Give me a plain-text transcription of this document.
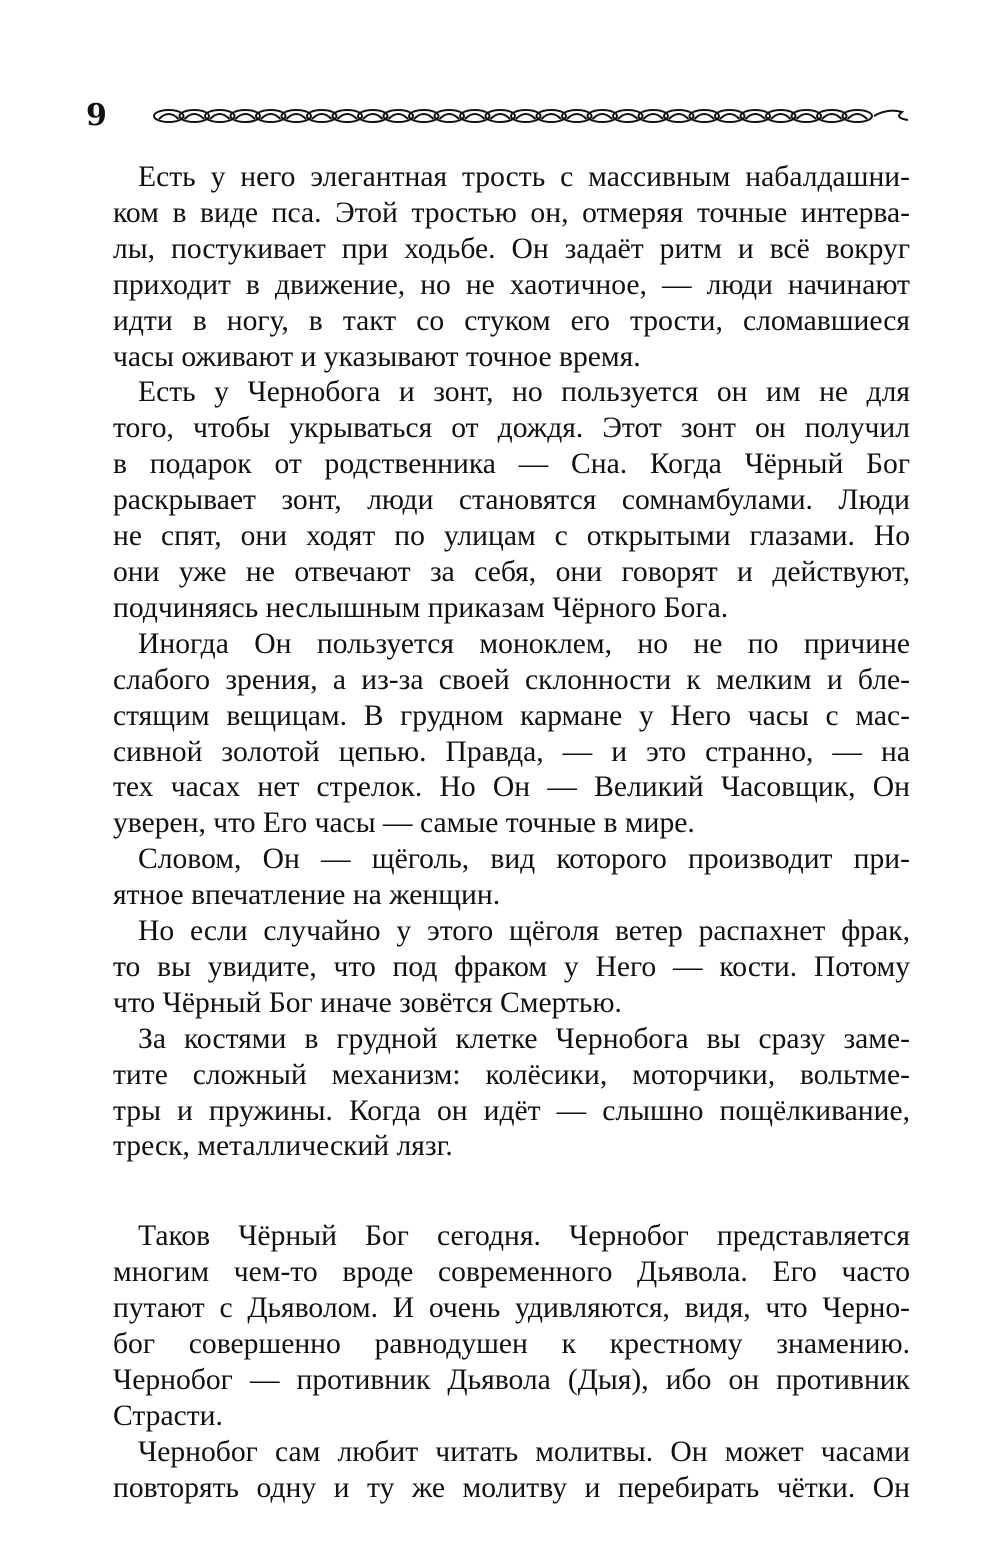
9
Есть у него элегантная трость с массивным набалдашни-
ком в виде пса. Этой тростью он, отмеряя точные интерва-
лы, постукивает при ходьбе. Он задаёт ритм и всё вокруг
приходит в движение, но не хаотичное, — люди начинают
идти в ногу, в такт со стуком его трости, сломавшиеся
часы оживают и указывают точное время.
Есть у Чернобога и зонт, но пользуется он им не для
того, чтобы укрываться от дождя. Этот зонт он получил
в подарок от родственника — Сна. Когда Чёрный Бог
раскрывает зонт, люди становятся сомнамбулами. Люди
не спят, они ходят по улицам с открытыми глазами. Но
они уже не отвечают за себя, они говорят и действуют,
подчиняясь неслышным приказам Чёрного Бога.
Иногда Он пользуется моноклем, но не по причине
слабого зрения, а из-за своей склонности к мелким и бле-
стящим вещицам. В грудном кармане у Него часы с мас-
сивной золотой цепью. Правда, — и это странно, — на
тех часах нет стрелок. Но Он — Великий Часовщик, Он
уверен, что Его часы — самые точные в мире.
Словом, Он — щёголь, вид которого производит при-
ятное впечатление на женщин.
Но если случайно у этого щёголя ветер распахнет фрак,
то вы увидите, что под фраком у Него — кости. Потому
что Чёрный Бог иначе зовётся Смертью.
За костями в грудной клетке Чернобога вы сразу заме-
тите сложный механизм: колёсики, моторчики, вольтме-
тры и пружины. Когда он идёт — слышно пощёлкивание,
треск, металлический лязг.
Таков Чёрный Бог сегодня. Чернобог представляется
многим чем-то вроде современного Дьявола. Его часто
путают с Дьяволом. И очень удивляются, видя, что Черно-
бог совершенно равнодушен к крестному знамению.
Чернобог — противник Дьявола (Дыя), ибо он противник
Страсти.
Чернобог сам любит читать молитвы. Он может часами
повторять одну и ту же молитву и перебирать чётки. Он
